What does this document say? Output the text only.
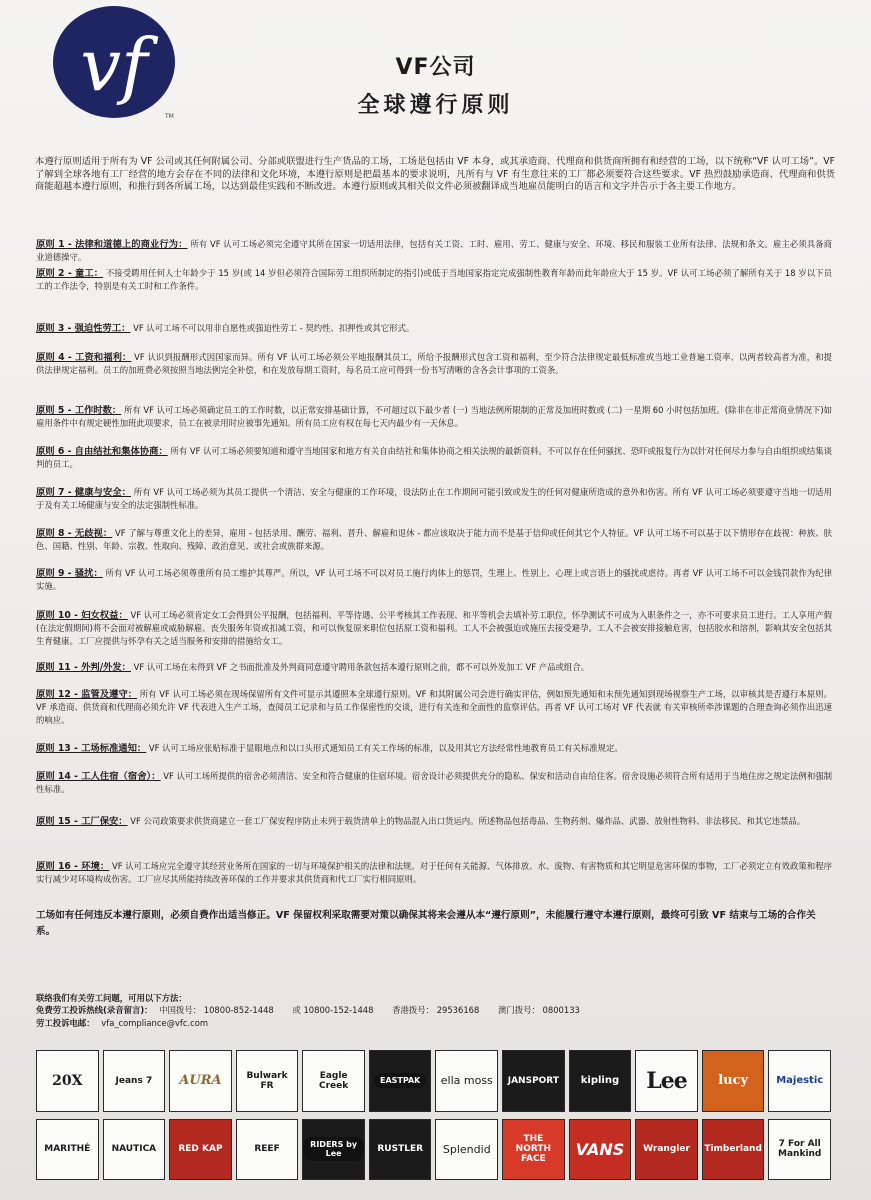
vf
TM
VF公司
全球遵行原则
本遵行原则适用于所有为 VF 公司或其任何附属公司、分部或联盟进行生产货品的工场，工场是包括由 VF 本身，或其承造商、代理商和供货商所拥有和经营的工场，以下统称“VF 认可工场”。VF 了解到全球各地有工厂经营的地方会存在不同的法律和文化环境，本遵行原则是把最基本的要求说明，凡所有与 VF 有生意往来的工厂都必须要符合这些要求。VF 热烈鼓励承造商、代理商和供货商能超越本遵行原则，和推行到各所属工场，以达到最佳实践和不断改进。本遵行原则或其相关似文件必须被翻译成当地雇员能明白的语言和文字并告示于各主要工作地方。
原则 1 - 法律和道德上的商业行为： 所有 VF 认可工场必须完全遵守其所在国家一切适用法律，包括有关工资、工时、雇用、劳工、健康与安全、环境、移民和服装工业所有法律、法规和条文。雇主必须具备商业道德操守。
原则 2 - 童工： 不接受聘用任何人士年龄少于 15 岁(或 14 岁但必须符合国际劳工组织所制定的指引)或低于当地国家指定完成强制性教育年龄而此年龄应大于 15 岁。VF 认可工场必须了解所有关于 18 岁以下员工的工作法令，特别是有关工时和工作条件。
原则 3 - 强迫性劳工： VF 认可工场不可以用非自愿性或强迫性劳工 - 契约性、扣押性或其它形式。
原则 4 - 工资和福利： VF 认识到报酬形式因国家而异。所有 VF 认可工场必须公平地报酬其员工，所给予报酬形式包含工资和福利，至少符合法律规定最低标准或当地工业普遍工资率、以两者较高者为准，和提供法律规定福利。员工的加班费必须按照当地法例完全补偿，和在发放每期工资时，每名员工应可得到一份书写清晰的含各会计事项的工资条。
原则 5 - 工作时数： 所有 VF 认可工场必须确定员工的工作时数，以正常安排基础计算，不可超过以下最少者 (一) 当地法例所限制的正常及加班时数或 (二) 一星期 60 小时包括加班。(除非在非正常商业情况下)如雇用条件中有规定硬性加班此项要求，员工在被录用时应被事先通知。所有员工应有权在每七天内最少有一天休息。
原则 6 - 自由结社和集体协商： 所有 VF 认可工场必须要知道和遵守当地国家和地方有关自由结社和集体协商之相关法规的最新资料。不可以存在任何骚扰、恐吓或报复行为以针对任何尽力参与自由组织或结集谈判的员工。
原则 7 - 健康与安全： 所有 VF 认可工场必须为其员工提供一个清洁、安全与健康的工作环境，设法防止在工作期间可能引致或发生的任何对健康所造成的意外和伤害。所有 VF 认可工场必须要遵守当地一切适用于及有关工场健康与安全的法定强制性标准。
原则 8 - 无歧视： VF 了解与尊重文化上的差异，雇用 - 包括录用、酬劳、福利、晋升、解雇和退休 - 都应该取决于能力而不是基于信仰或任何其它个人特征。VF 认可工场不可以基于以下情形存在歧视：种族、肤色、国籍、性别、年龄、宗教、性取向、残障、政治意见、或社会或族群来源。
原则 9 - 骚扰： 所有 VF 认可工场必须尊重所有员工维护其尊严。所以，VF 认可工场不可以对员工施行肉体上的惩罚，生理上、性别上、心理上或言语上的骚扰或虐待。再者 VF 认可工场不可以金钱罚款作为纪律实施。
原则 10 - 妇女权益： VF 认可工场必须肯定女工会得到公平报酬，包括福利、平等待遇、公平考核其工作表现、和平等机会去填补劳工职位，怀孕测试不可成为入职条件之一，亦不可要求员工进行。工人享用产假(在法定假期间)将不会面对被解雇或威胁解雇、丧失服务年资或扣减工资，和可以恢复原来职位包括原工资和福利。工人不会被强迫或施压去接受避孕。工人不会被安排接触危害，包括胶水和溶剂，影响其安全包括其生育健康。工厂应提供与怀孕有关之适当服务和安排的措施给女工。
原则 11 - 外判/外发： VF 认可工场在未得到 VF 之书面批准及外判商同意遵守聘用条款包括本遵行原则之前，都不可以外发加工 VF 产品或组合。
原则 12 - 监管及遵守： 所有 VF 认可工场必须在现场保留所有文件可显示其遵照本全球遵行原则。VF 和其附属公司会进行确实评估，例如预先通知和未预先通知到现场视察生产工场，以审核其是否遵行本原则。VF 承造商、供货商和代理商必须允许 VF 代表进入生产工场，查阅员工记录和与员工作保密性的交谈，进行有关连和全面性的监察评估。再者 VF 认可工场对 VF 代表就 有关审核所牵涉课题的合理查询必须作出迅速的响应。
原则 13 - 工场标准通知： VF 认可工场应张贴标准于显眼地点和以口头形式通知员工有关工作场的标准，以及用其它方法经常性地教育员工有关标准规定。
原则 14 - 工人住宿（宿舍）： VF 认可工场所提供的宿舍必须清洁、安全和符合健康的住宿环境。宿舍设计必须提供充分的隐私、保安和活动自由给住客。宿舍设施必须符合所有适用于当地住房之规定法例和强制性标准。
原则 15 - 工厂保安： VF 公司政策要求供货商建立一套工厂保安程序防止未列于载货清单上的物品混入出口货运内。所述物品包括毒品、生物药剂、爆炸品、武器、放射性物料、非法移民、和其它违禁品。
原则 16 - 环境： VF 认可工场应完全遵守其经营业务所在国家的一切与环境保护相关的法律和法规。对于任何有关能源、气体排放、水、废物、有害物质和其它明显危害环保的事物，工厂必须定立有效政策和程序实行减少对环境构成伤害。工厂应尽其所能持续改善环保的工作并要求其供货商和代工厂实行相同原则。
工场如有任何违反本遵行原则，必须自费作出适当修正。VF 保留权利采取需要对策以确保其将来会遵从本“遵行原则”，未能履行遵守本遵行原则，最终可引致 VF 结束与工场的合作关系。
联络我们有关劳工问题，可用以下方法：
免费劳工投诉热线(录音留言)： 中国拨号： 10800-852-1448 或 10800-152-1448 香港拨号： 29536168 澳门拨号： 0800133
劳工投诉电邮： vfa_compliance@vfc.com
20X	Jeans 7 AURA	Bulwark FR
Eagle Creek	EASTPAK	ella moss JANSPORT kipling Lee lucy	Majestic
MARITHÉ NAUTICA RED KAP	REEF	RIDERS by Lee	RUSTLER Splendid
THE NORTH FACE
VANS Wrangler Timberland	7 For All Mankind
